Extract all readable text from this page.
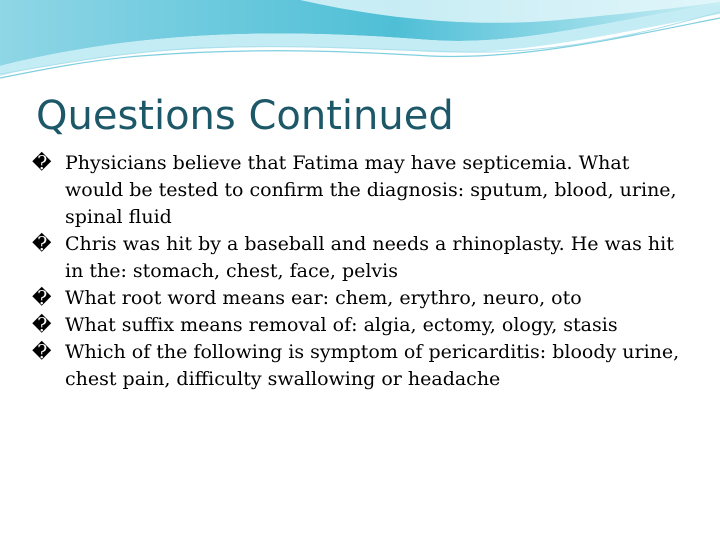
Questions Continued
� Physicians believe that Fatima may have septicemia. What would be tested to confirm the diagnosis: sputum, blood, urine, spinal fluid
� Chris was hit by a baseball and needs a rhinoplasty. He was hit in the: stomach, chest, face, pelvis
� What root word means ear: chem, erythro, neuro, oto
� What suffix means removal of: algia, ectomy, ology, stasis
� Which of the following is symptom of pericarditis: bloody urine, chest pain, difficulty swallowing or headache
